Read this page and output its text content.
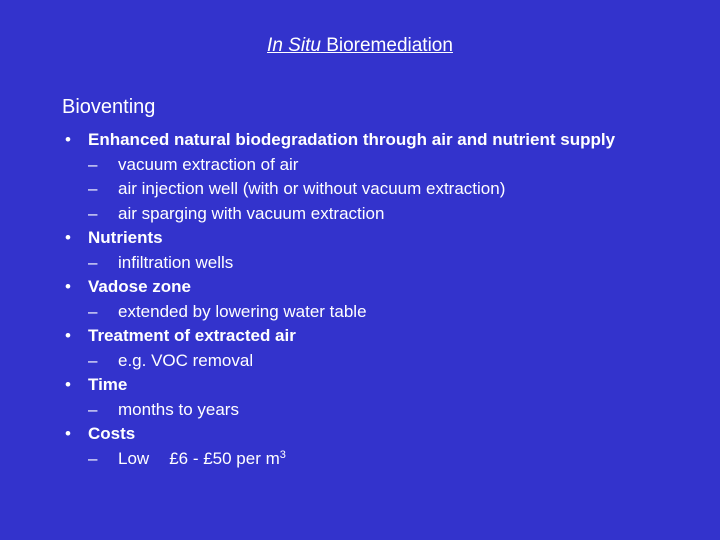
In Situ Bioremediation
Bioventing
•	Enhanced natural biodegradation through air and nutrient supply
– vacuum extraction of air
– air injection well (with or without vacuum extraction)
– air sparging with vacuum extraction
•	Nutrients
– infiltration wells
•	Vadose zone
– extended by lowering water table
•	Treatment of extracted air
– e.g. VOC removal
•	Time
– months to years
•	Costs
– Low £6 - £50 per $m^3$
